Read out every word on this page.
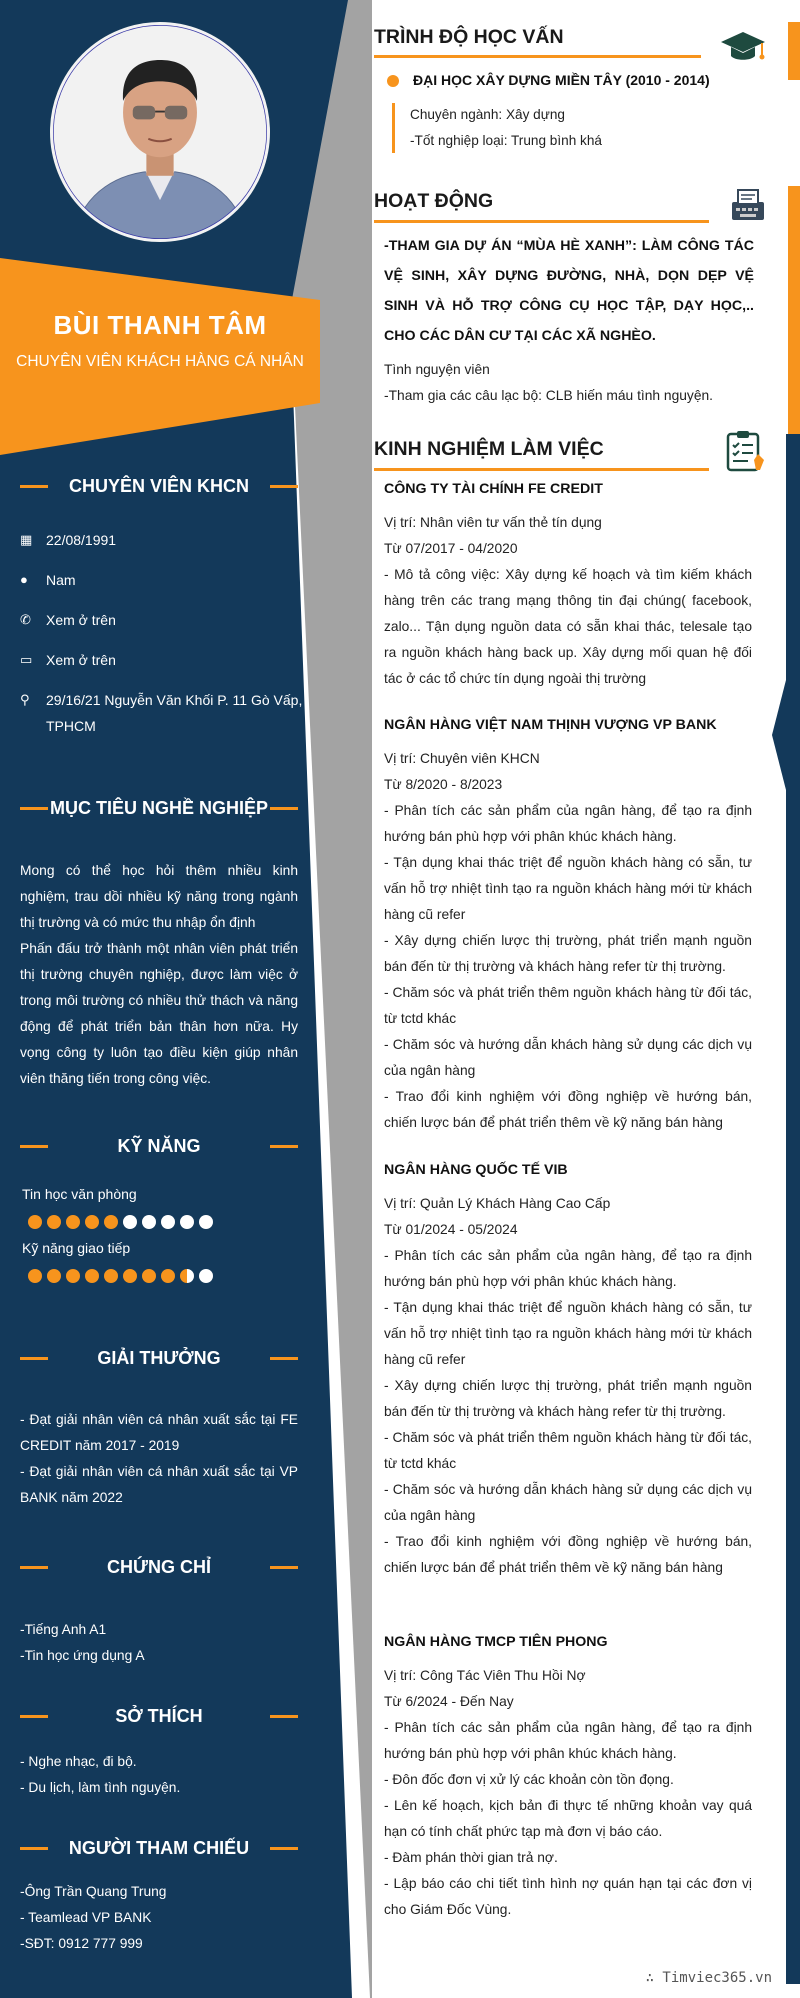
BÙI THANH TÂM
CHUYÊN VIÊN KHÁCH HÀNG CÁ NHÂN
CHUYÊN VIÊN KHCN
▦ 22/08/1991
●	Nam
✆	Xem ở trên
▭ Xem ở trên
⚲	29/16/21 Nguyễn Văn Khối P. 11 Gò Vấp, TPHCM
MỤC TIÊU NGHỀ NGHIỆP

Mong có thể học hỏi thêm nhiều kinh nghiệm, trau dồi nhiều kỹ năng trong ngành thị trường và có mức thu nhập ổn định

Phấn đấu trở thành một nhân viên phát triển thị trường chuyên nghiệp, được làm việc ở trong môi trường có nhiều thử thách và năng động để phát triển bản thân hơn nữa. Hy vọng công ty luôn tạo điều kiện giúp nhân viên thăng tiến trong công việc.

KỸ NĂNG
Tin học văn phòng
Kỹ năng giao tiếp
GIẢI THƯỞNG

- Đạt giải nhân viên cá nhân xuất sắc tại FE CREDIT năm 2017 - 2019

- Đạt giải nhân viên cá nhân xuất sắc tại VP BANK năm 2022

CHỨNG CHỈ

-Tiếng Anh A1

-Tin học ứng dụng A

SỞ THÍCH

- Nghe nhạc, đi bộ.

- Du lịch, làm tình nguyện.

NGƯỜI THAM CHIẾU

-Ông Trần Quang Trung

- Teamlead VP BANK

-SĐT: 0912 777 999

TRÌNH ĐỘ HỌC VẤN
ĐẠI HỌC XÂY DỰNG MIỀN TÂY (2010 - 2014)

Chuyên ngành: Xây dựng

-Tốt nghiệp loại: Trung bình khá

HOẠT ĐỘNG
-THAM GIA DỰ ÁN “MÙA HÈ XANH”: LÀM CÔNG TÁC VỆ SINH, XÂY DỰNG ĐƯỜNG, NHÀ, DỌN DẸP VỆ SINH VÀ HỖ TRỢ CÔNG CỤ HỌC TẬP, DẠY HỌC,.. CHO CÁC DÂN CƯ TẠI CÁC XÃ NGHÈO.

Tình nguyện viên

-Tham gia các câu lạc bộ: CLB hiến máu tình nguyện.

KINH NGHIỆM LÀM VIỆC
CÔNG TY TÀI CHÍNH FE CREDIT

Vị trí: Nhân viên tư vấn thẻ tín dụng

Từ 07/2017 - 04/2020

- Mô tả công việc: Xây dựng kế hoạch và tìm kiếm khách hàng trên các trang mạng thông tin đại chúng( facebook, zalo... Tận dụng nguồn data có sẵn khai thác, telesale tạo ra nguồn khách hàng back up. Xây dựng mối quan hệ đối tác ở các tổ chức tín dụng ngoài thị trường

NGÂN HÀNG VIỆT NAM THỊNH VƯỢNG VP BANK

Vị trí: Chuyên viên KHCN

Từ 8/2020 - 8/2023

- Phân tích các sản phẩm của ngân hàng, để tạo ra định hướng bán phù hợp với phân khúc khách hàng.

- Tận dụng khai thác triệt để nguồn khách hàng có sẵn, tư vấn hỗ trợ nhiệt tình tạo ra nguồn khách hàng mới từ khách hàng cũ refer

- Xây dựng chiến lược thị trường, phát triển mạnh nguồn bán đến từ thị trường và khách hàng refer từ thị trường.

- Chăm sóc và phát triển thêm nguồn khách hàng từ đối tác, từ tctd khác

- Chăm sóc và hướng dẫn khách hàng sử dụng các dịch vụ của ngân hàng

- Trao đổi kinh nghiệm với đồng nghiệp về hướng bán, chiến lược bán để phát triển thêm về kỹ năng bán hàng

NGÂN HÀNG QUỐC TẾ VIB

Vị trí: Quản Lý Khách Hàng Cao Cấp

Từ 01/2024 - 05/2024

- Phân tích các sản phẩm của ngân hàng, để tạo ra định hướng bán phù hợp với phân khúc khách hàng.

- Tận dụng khai thác triệt để nguồn khách hàng có sẵn, tư vấn hỗ trợ nhiệt tình tạo ra nguồn khách hàng mới từ khách hàng cũ refer

- Xây dựng chiến lược thị trường, phát triển mạnh nguồn bán đến từ thị trường và khách hàng refer từ thị trường.

- Chăm sóc và phát triển thêm nguồn khách hàng từ đối tác, từ tctd khác

- Chăm sóc và hướng dẫn khách hàng sử dụng các dịch vụ của ngân hàng

- Trao đổi kinh nghiệm với đồng nghiệp về hướng bán, chiến lược bán để phát triển thêm về kỹ năng bán hàng

NGÂN HÀNG TMCP TIÊN PHONG

Vị trí: Công Tác Viên Thu Hồi Nợ

Từ 6/2024 - Đến Nay

- Phân tích các sản phẩm của ngân hàng, để tạo ra định hướng bán phù hợp với phân khúc khách hàng.

- Đôn đốc đơn vị xử lý các khoản còn tồn đọng.

- Lên kế hoạch, kịch bản đi thực tế những khoản vay quá hạn có tính chất phức tạp mà đơn vị báo cáo.

- Đàm phán thời gian trả nợ.

- Lập báo cáo chi tiết tình hình nợ quán hạn tại các đơn vị cho Giám Đốc Vùng.

∴ Timviec365.vn
